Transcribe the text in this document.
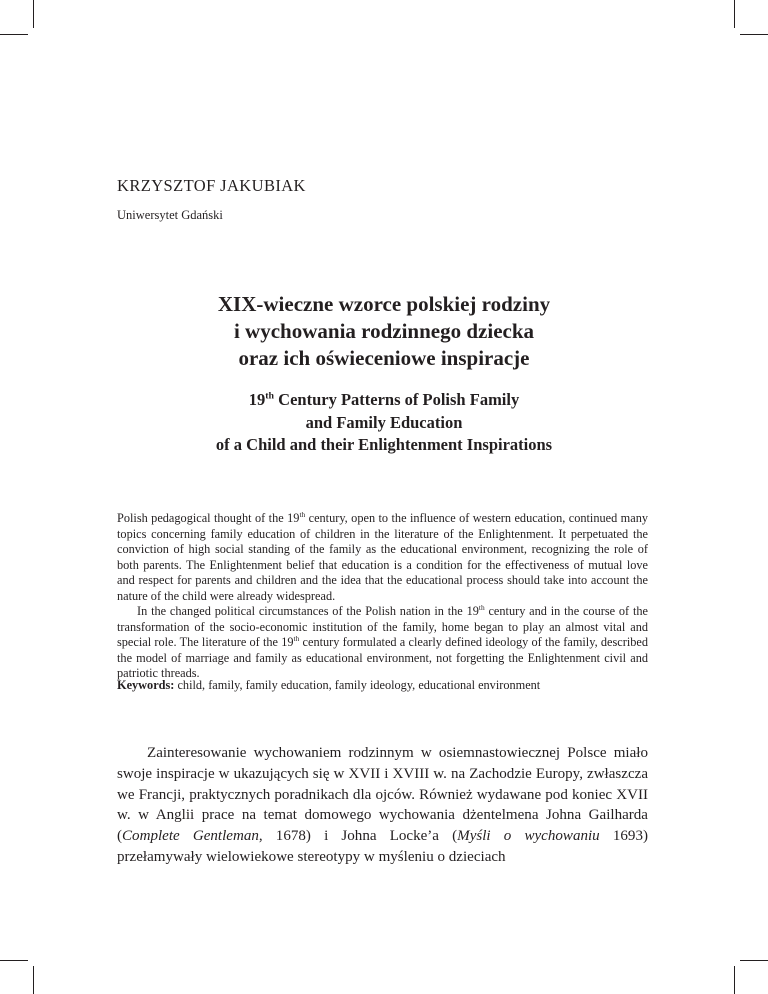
KRZYSZTOF JAKUBIAK
Uniwersytet Gdański
XIX-wieczne wzorce polskiej rodziny
i wychowania rodzinnego dziecka
oraz ich oświeceniowe inspiracje
19th Century Patterns of Polish Family
and Family Education
of a Child and their Enlightenment Inspirations

Polish pedagogical thought of the 19th century, open to the influence of western education, continued many topics concerning family education of children in the literature of the Enlightenment. It perpetuated the conviction of high social standing of the family as the educational environment, recognizing the role of both parents. The Enlightenment belief that education is a condition for the effectiveness of mutual love and respect for parents and children and the idea that the educational process should take into account the nature of the child were already widespread.

In the changed political circumstances of the Polish nation in the 19th century and in the course of the transformation of the socio-economic institution of the family, home began to play an almost vital and special role. The literature of the 19th century formulated a clearly defined ideology of the family, described the model of marriage and family as educational environment, not forgetting the Enlightenment civil and patriotic threads.

Keywords: child, family, family education, family ideology, educational environment

Zainteresowanie wychowaniem rodzinnym w osiemnastowiecznej Polsce miało swoje inspiracje w ukazujących się w XVII i XVIII w. na Zachodzie Europy, zwłaszcza we Francji, praktycznych poradnikach dla ojców. Również wydawane pod koniec XVII w. w Anglii prace na temat domowego wychowania dżentelmena Johna Gailharda (Complete Gentleman, 1678) i Johna Locke’a (Myśli o wychowaniu 1693) przełamywały wielowiekowe stereotypy w myśleniu o dzieciach
